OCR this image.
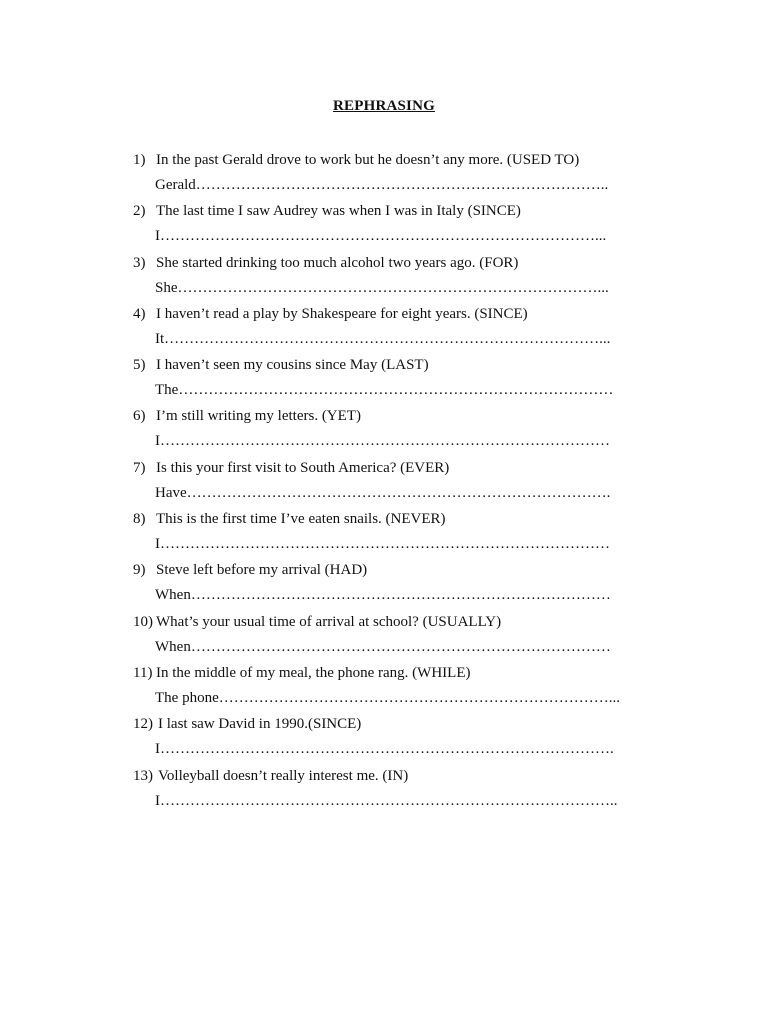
REPHRASING
1) In the past Gerald drove to work but he doesn’t any more. (USED TO)
Gerald………………………………………………………………………..
2) The last time I saw Audrey was when I was in Italy (SINCE)
I……………………………………………………………………………...
3) She started drinking too much alcohol two years ago. (FOR)
She…………………………………………………………………………...
4) I haven’t read a play by Shakespeare for eight years. (SINCE)
It……………………………………………………………………………...
5) I haven’t seen my cousins since May (LAST)
The……………………………………………………………………………
6) I’m still writing my letters. (YET)
I………………………………………………………………………………
7) Is this your first visit to South America? (EVER)
Have………………………………………………………………………….
8) This is the first time I’ve eaten snails. (NEVER)
I………………………………………………………………………………
9) Steve left before my arrival (HAD)
When…………………………………………………………………………
10) What’s your usual time of arrival at school? (USUALLY)
When…………………………………………………………………………
11) In the middle of my meal, the phone rang. (WHILE)
The phone……………………………………………………………………...
12) I last saw David in 1990.(SINCE)
I……………………………………………………………………………….
13) Volleyball doesn’t really interest me. (IN)
I………………………………………………………………………………..
